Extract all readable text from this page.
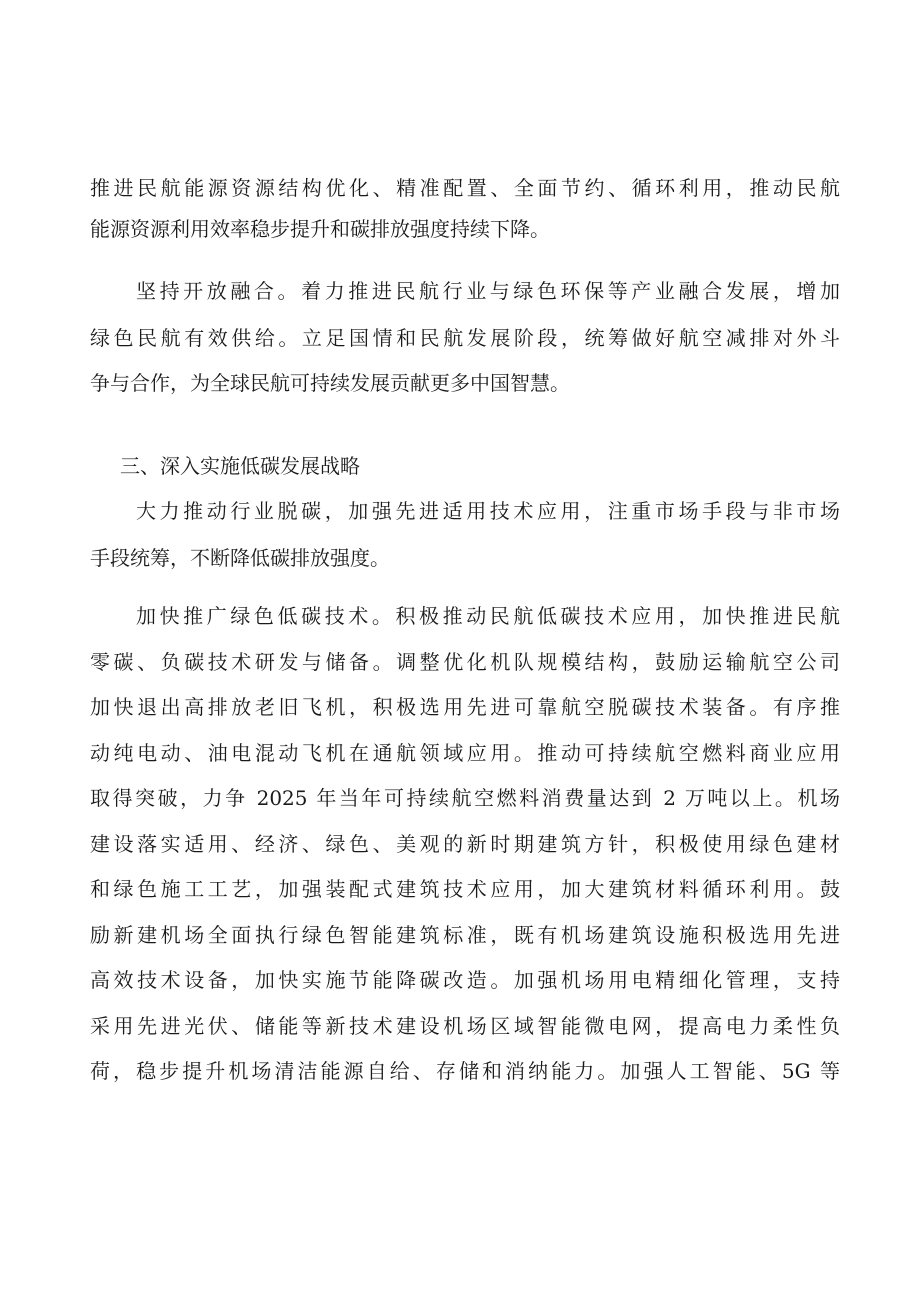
推进民航能源资源结构优化、精准配置、全面节约、循环利用，推动民航
能源资源利用效率稳步提升和碳排放强度持续下降。
坚持开放融合。着力推进民航行业与绿色环保等产业融合发展，增加
绿色民航有效供给。立足国情和民航发展阶段，统筹做好航空减排对外斗
争与合作，为全球民航可持续发展贡献更多中国智慧。
三、深入实施低碳发展战略
大力推动行业脱碳，加强先进适用技术应用，注重市场手段与非市场
手段统筹，不断降低碳排放强度。
加快推广绿色低碳技术。积极推动民航低碳技术应用，加快推进民航
零碳、负碳技术研发与储备。调整优化机队规模结构，鼓励运输航空公司
加快退出高排放老旧飞机，积极选用先进可靠航空脱碳技术装备。有序推
动纯电动、油电混动飞机在通航领域应用。推动可持续航空燃料商业应用
取得突破，力争 2025 年当年可持续航空燃料消费量达到 2 万吨以上。机场
建设落实适用、经济、绿色、美观的新时期建筑方针，积极使用绿色建材
和绿色施工工艺，加强装配式建筑技术应用，加大建筑材料循环利用。鼓
励新建机场全面执行绿色智能建筑标准，既有机场建筑设施积极选用先进
高效技术设备，加快实施节能降碳改造。加强机场用电精细化管理，支持
采用先进光伏、储能等新技术建设机场区域智能微电网，提高电力柔性负
荷，稳步提升机场清洁能源自给、存储和消纳能力。加强人工智能、5G 等
